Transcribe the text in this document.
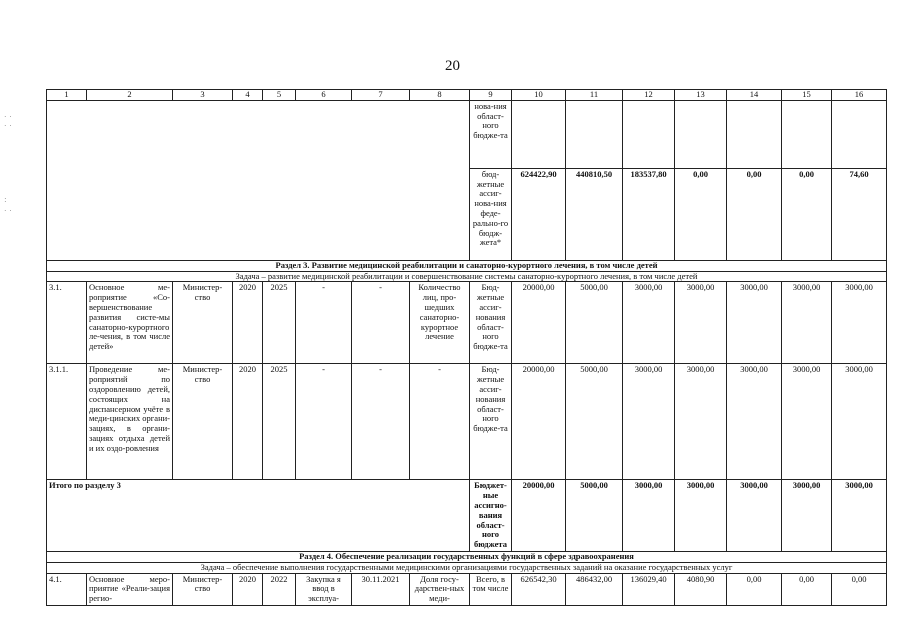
20
. .
. .
:
. .
1	2	3	4	5	6	7	8	9	10	11	12	13	14	15	16
								нова-ния област-ного бюдже-та							
								бюд-жетные ассиг-нова-ния феде-рально-го бюдж-жета*	624422,90	440810,50	183537,80	0,00	0,00	0,00	74,60
Раздел 3. Развитие медицинской реабилитации и санаторно-курортного лечения, в том числе детей															
Задача – развитие медицинской реабилитации и совершенствование системы санаторно-курортного лечения, в том числе детей															
3.1.	Основное ме-роприятие «Со-вершенствование развития систе-мы санаторно-курортного ле-чения, в том числе детей»	Министер-ство	2020	2025	-	-	Количество лиц, про-шедших санаторно-курортное лечение	Бюд-жетные ассиг-нования област-ного бюдже-та	20000,00	5000,00	3000,00	3000,00	3000,00	3000,00	3000,00
3.1.1.	Проведение ме-роприятий по оздоровлению детей, состоящих на диспансерном учёте в меди-цинских органи-зациях, в органи-зациях отдыха детей и их оздо-ровления	Министер-ство	2020	2025	-	-	-	Бюд-жетные ассиг-нования област-ного бюдже-та	20000,00	5000,00	3000,00	3000,00	3000,00	3000,00	3000,00
Итого по разделу 3								Бюджет-ные ассигно-вания област-ного бюджета	20000,00	5000,00	3000,00	3000,00	3000,00	3000,00	3000,00
Раздел 4. Обеспечение реализации государственных функций в сфере здравоохранения															
Задача – обеспечение выполнения государственными медицинскими организациями государственных заданий на оказание государственных услуг															
4.1.	Основное меро-приятие «Реали-зация регио-	Министер-ство	2020	2022	Закупка я ввод в эксплуа-	30.11.2021	Доля госу-дарствен-ных меди-	Всего, в том числе	626542,30	486432,00	136029,40	4080,90	0,00	0,00	0,00
